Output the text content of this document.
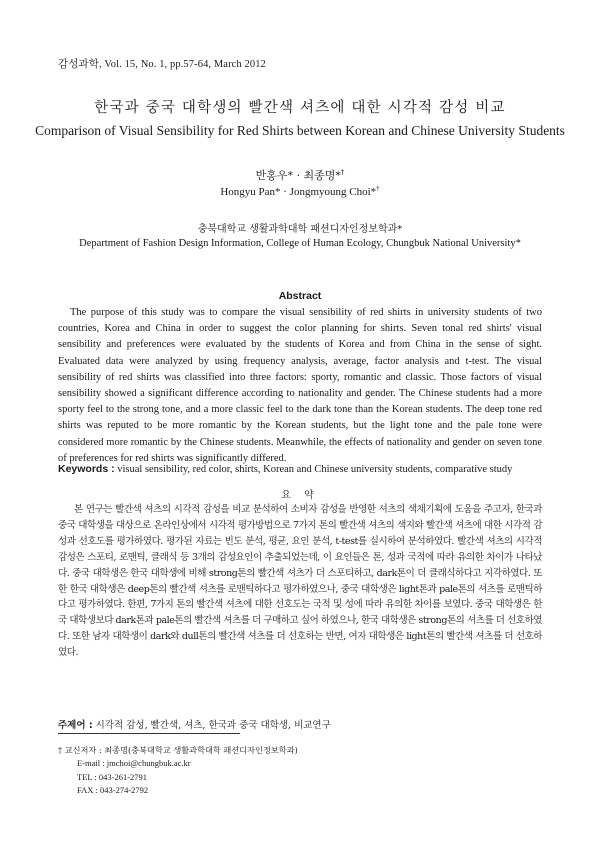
감성과학, Vol. 15, No. 1, pp.57-64, March 2012
한국과 중국 대학생의 빨간색 셔츠에 대한 시각적 감성 비교
Comparison of Visual Sensibility for Red Shirts between Korean and Chinese University Students
반홍우* · 최종명*†
Hongyu Pan* · Jongmyoung Choi*†
충북대학교 생활과학대학 패션디자인정보학과*
Department of Fashion Design Information, College of Human Ecology, Chungbuk National University*
Abstract

The purpose of this study was to compare the visual sensibility of red shirts in university students of two countries, Korea and China in order to suggest the color planning for shirts. Seven tonal red shirts' visual sensibility and preferences were evaluated by the students of Korea and from China in the sense of sight. Evaluated data were analyzed by using frequency analysis, average, factor analysis and t-test. The visual sensibility of red shirts was classified into three factors: sporty, romantic and classic. Those factors of visual sensibility showed a significant difference according to nationality and gender. The Chinese students had a more sporty feel to the strong tone, and a more classic feel to the dark tone than the Korean students. The deep tone red shirts was reputed to be more romantic by the Korean students, but the light tone and the pale tone were considered more romantic by the Chinese students. Meanwhile, the effects of nationality and gender on seven tone of preferences for red shirts was significantly differed.

Keywords : visual sensibility, red color, shirts, Korean and Chinese university students, comparative study
요 약

본 연구는 빨간색 셔츠의 시각적 감성을 비교 분석하여 소비자 감성을 반영한 셔츠의 색채기획에 도움을 주고자, 한국과 중국 대학생을 대상으로 온라인상에서 시각적 평가방법으로 7가지 톤의 빨간색 셔츠의 색지와 빨간색 셔츠에 대한 시각적 감성과 선호도를 평가하였다. 평가된 자료는 빈도 분석, 평균, 요인 분석, t-test를 실시하여 분석하였다. 빨간색 셔츠의 시각적 감성은 스포티, 로맨틱, 클래식 등 3개의 감성요인이 추출되었는데, 이 요인들은 톤, 성과 국적에 따라 유의한 차이가 나타났다. 중국 대학생은 한국 대학생에 비해 strong톤의 빨간색 셔츠가 더 스포티하고, dark톤이 더 클래식하다고 지각하였다. 또한 한국 대학생은 deep톤의 빨간색 셔츠를 로맨틱하다고 평가하였으나, 중국 대학생은 light톤과 pale톤의 셔츠를 로맨틱하다고 평가하였다. 한편, 7가지 톤의 빨간색 셔츠에 대한 선호도는 국적 및 성에 따라 유의한 차이를 보였다. 중국 대학생은 한국 대학생보다 dark톤과 pale톤의 빨간색 셔츠를 더 구매하고 싶어 하였으나, 한국 대학생은 strong톤의 셔츠를 더 선호하였다. 또한 남자 대학생이 dark와 dull톤의 빨간색 셔츠를 더 선호하는 반면, 여자 대학생은 light톤의 빨간색 셔츠를 더 선호하였다.

주제어 : 시각적 감성, 빨간색, 셔츠, 한국과 중국 대학생, 비교연구
† 교신저자 : 최종명(충북대학교 생활과학대학 패션디자인정보학과)
E-mail : jmchoi@chungbuk.ac.kr
TEL : 043-261-2791
FAX : 043-274-2792
